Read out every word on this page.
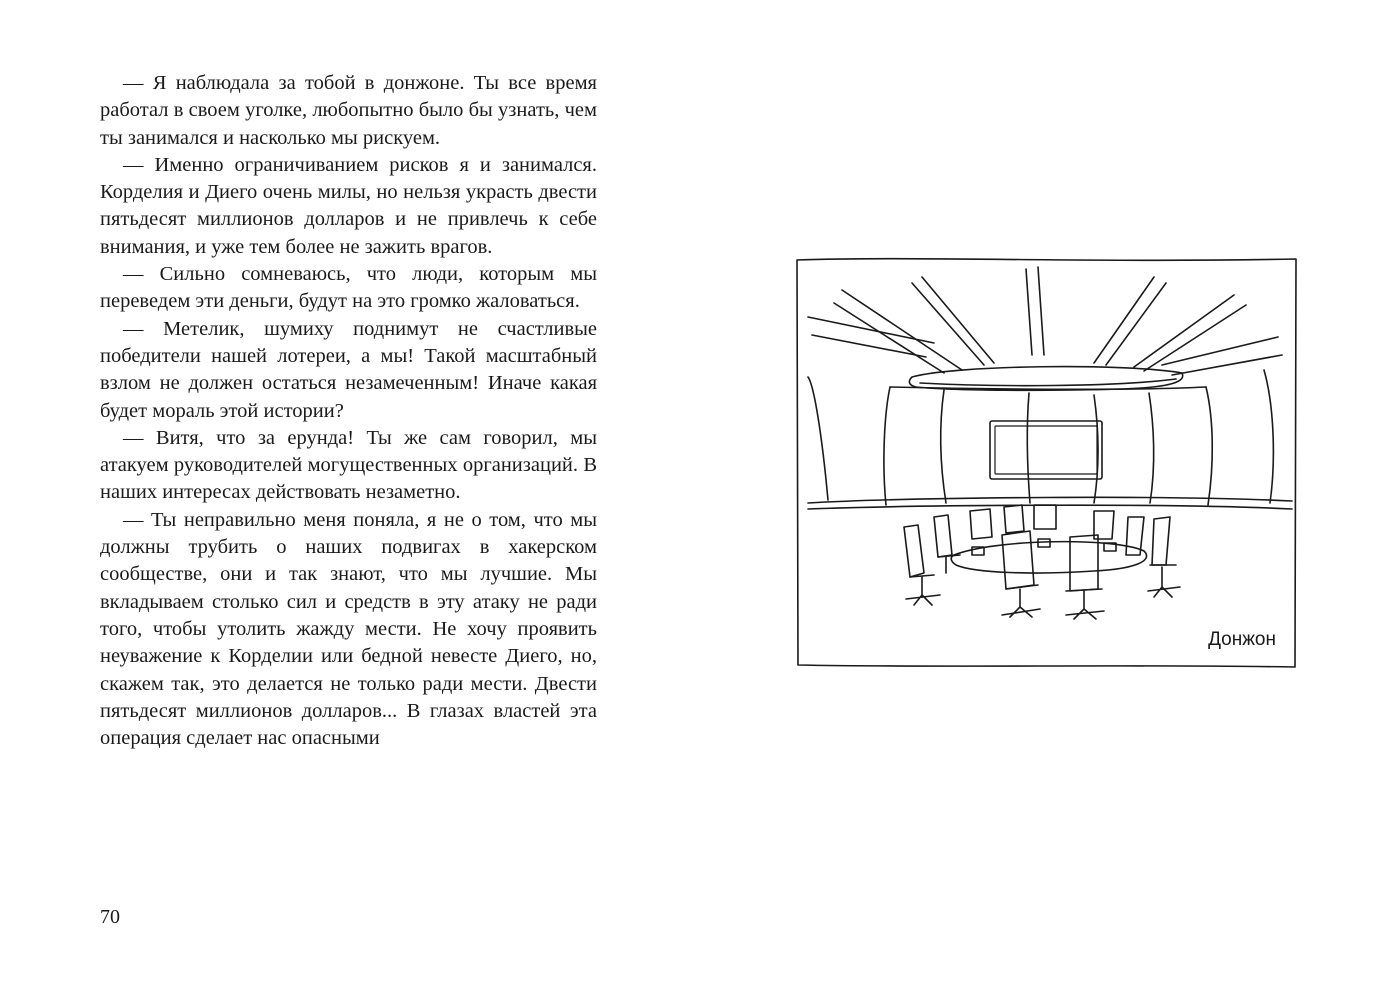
— Я наблюдала за тобой в донжоне. Ты все время работал в своем уголке, любопытно было бы узнать, чем ты занимался и насколько мы рискуем.

— Именно ограничиванием рисков я и занимался. Корделия и Диего очень милы, но нельзя украсть двести пятьдесят миллионов долларов и не привлечь к себе внимания, и уже тем более не зажить врагов.

— Сильно сомневаюсь, что люди, которым мы переведем эти деньги, будут на это громко жаловаться.

— Метелик, шумиху поднимут не счастливые победители нашей лотереи, а мы! Такой масштабный взлом не должен остаться незамеченным! Иначе какая будет мораль этой истории?

— Витя, что за ерунда! Ты же сам говорил, мы атакуем руководителей могущественных организаций. В наших интересах действовать незаметно.

— Ты неправильно меня поняла, я не о том, что мы должны трубить о наших подвигах в хакерском сообществе, они и так знают, что мы лучшие. Мы вкладываем столько сил и средств в эту атаку не ради того, чтобы утолить жажду мести. Не хочу проявить неуважение к Корделии или бедной невесте Диего, но, скажем так, это делается не только ради мести. Двести пятьдесят миллионов долларов... В глазах властей эта операция сделает нас опасными

70
Донжон
